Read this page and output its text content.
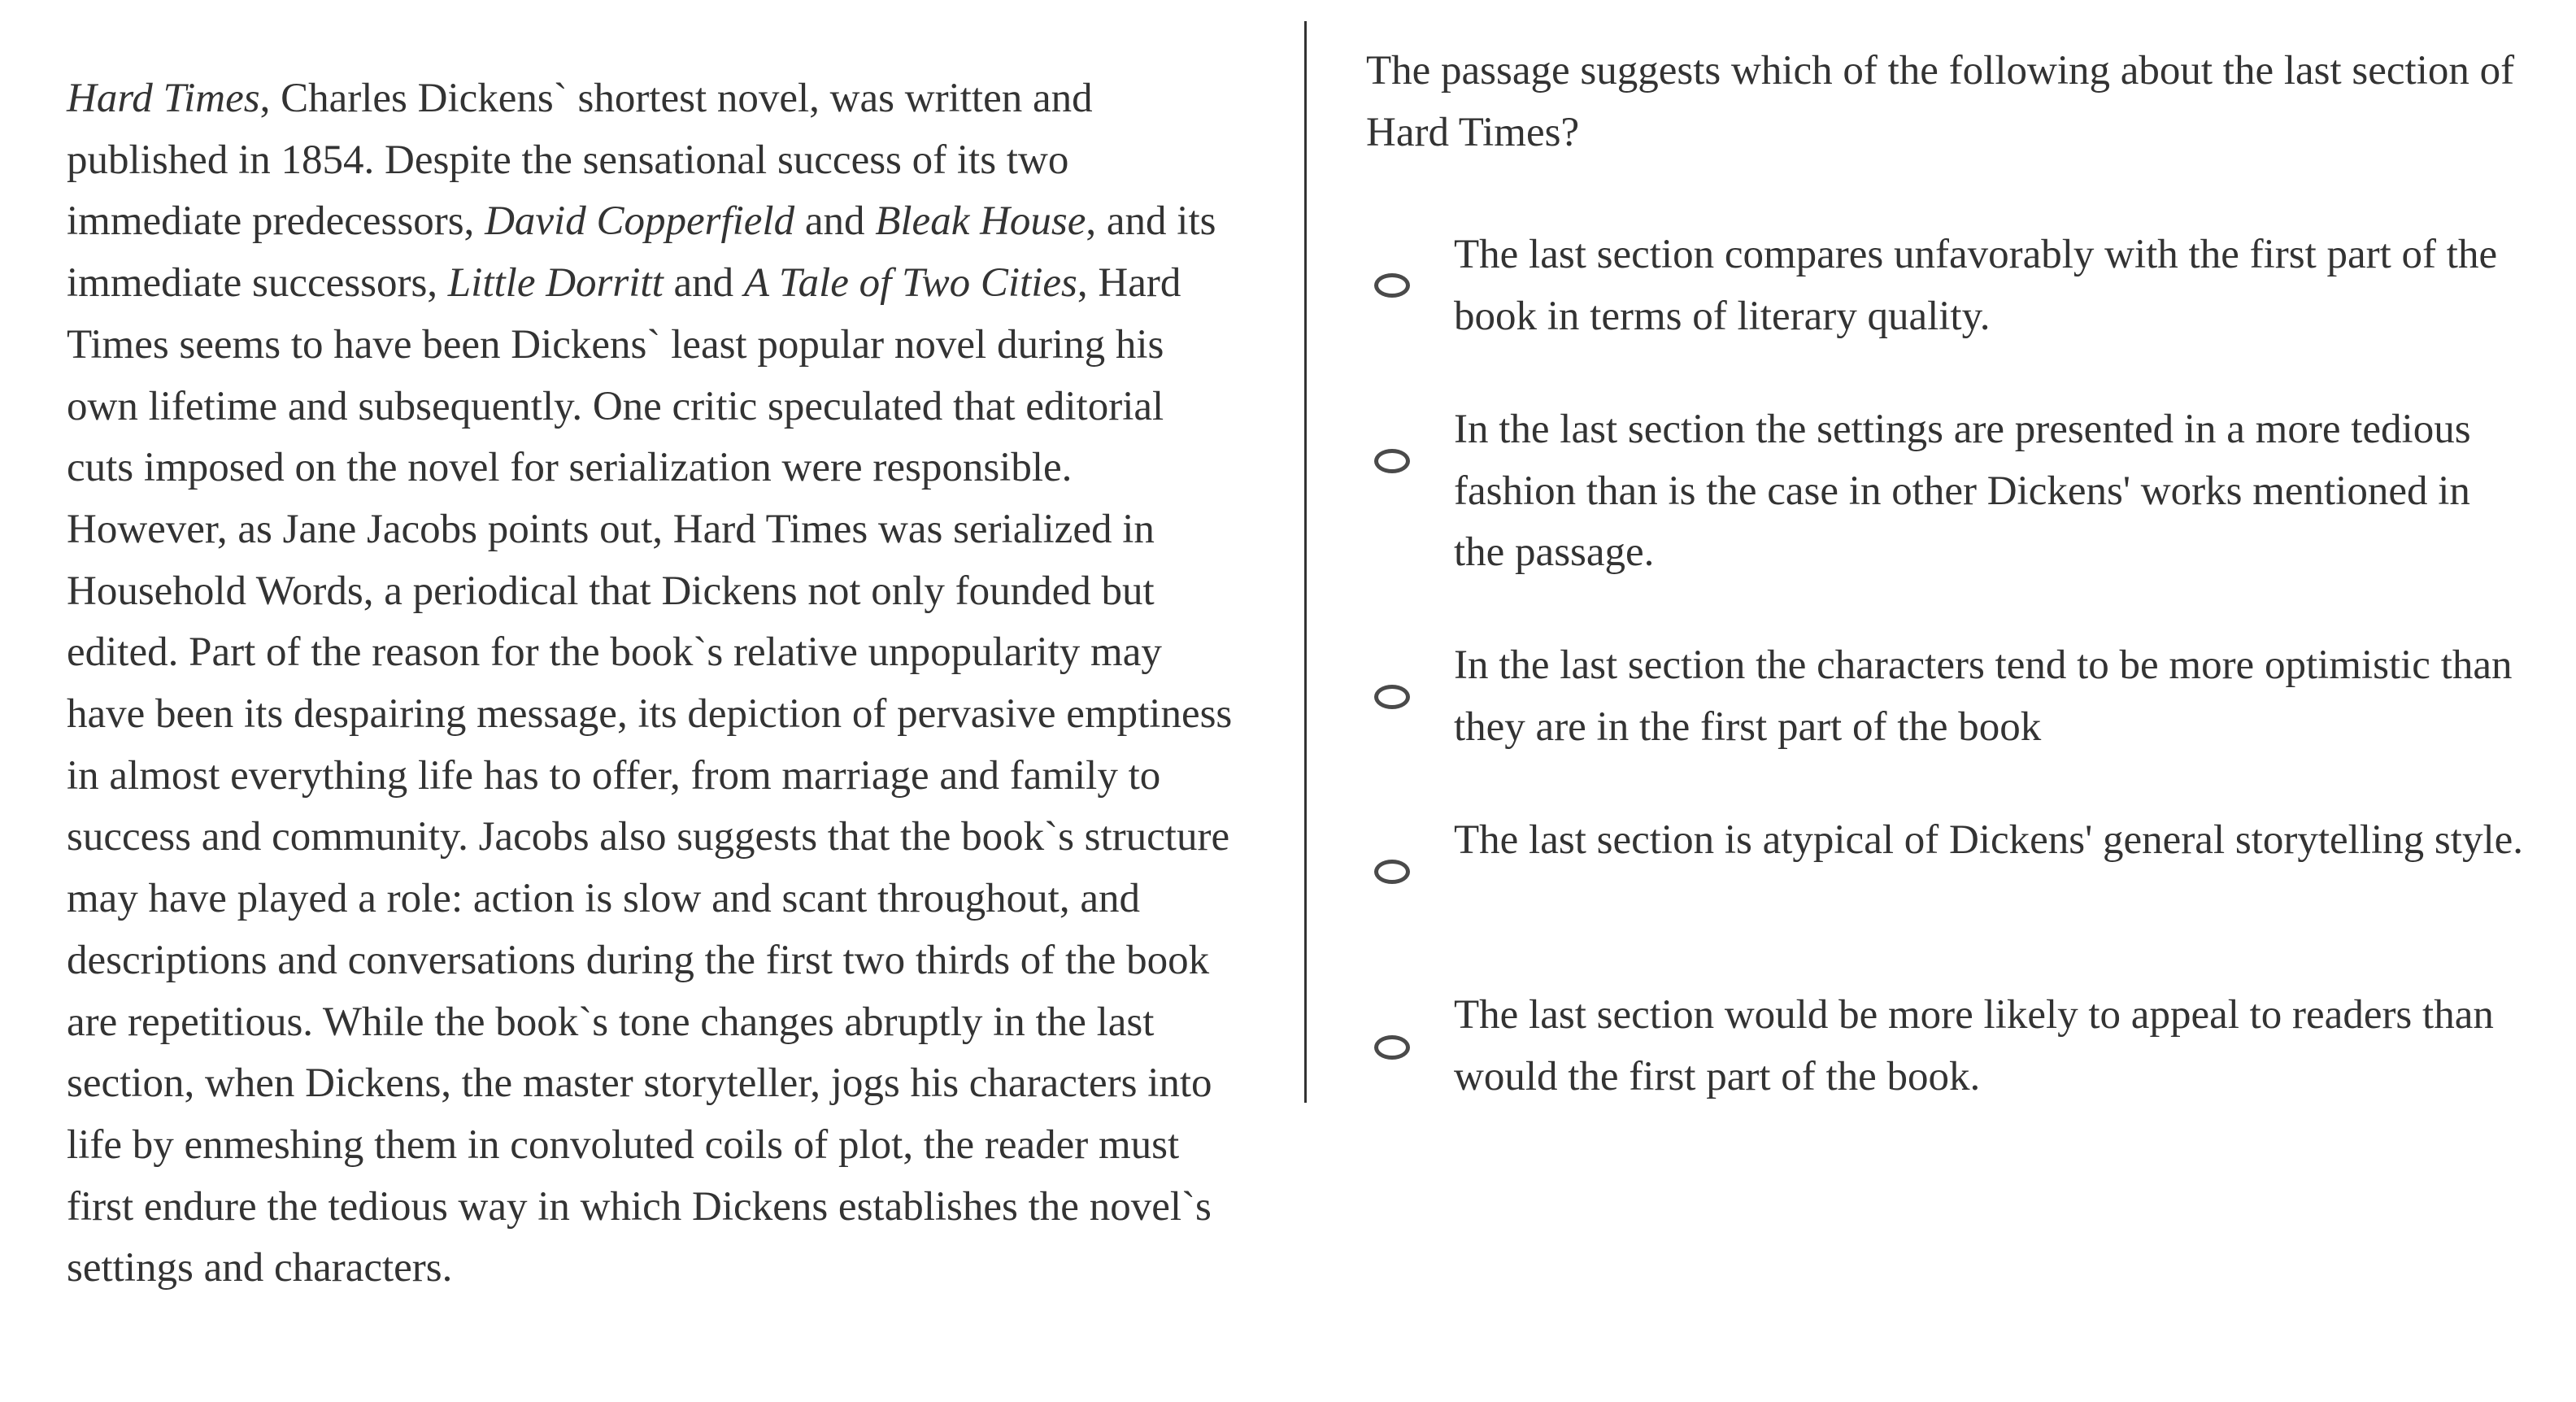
Hard Times, Charles Dickens` shortest novel, was written and published in 1854. Despite the sensational success of its two immediate predecessors, David Copperfield and Bleak House, and its immediate successors, Little Dorritt and A Tale of Two Cities, Hard Times seems to have been Dickens` least popular novel during his own lifetime and subsequently. One critic speculated that editorial cuts imposed on the novel for serialization were responsible. However, as Jane Jacobs points out, Hard Times was serialized in Household Words, a periodical that Dickens not only founded but edited. Part of the reason for the book`s relative unpopularity may have been its despairing message, its depiction of pervasive emptiness in almost everything life has to offer, from marriage and family to success and community. Jacobs also suggests that the book`s structure may have played a role: action is slow and scant throughout, and descriptions and conversations during the first two thirds of the book are repetitious. While the book`s tone changes abruptly in the last section, when Dickens, the master storyteller, jogs his characters into life by enmeshing them in convoluted coils of plot, the reader must first endure the tedious way in which Dickens establishes the novel`s settings and characters.

The passage suggests which of the following about the last section of Hard Times?

The last section compares unfavorably with the first part of the book in terms of literary quality.
In the last section the settings are presented in a more tedious fashion than is the case in other Dickens' works mentioned in the passage.
In the last section the characters tend to be more optimistic than they are in the first part of the book
The last section is atypical of Dickens' general storytelling style.
The last section would be more likely to appeal to readers than would the first part of the book.
